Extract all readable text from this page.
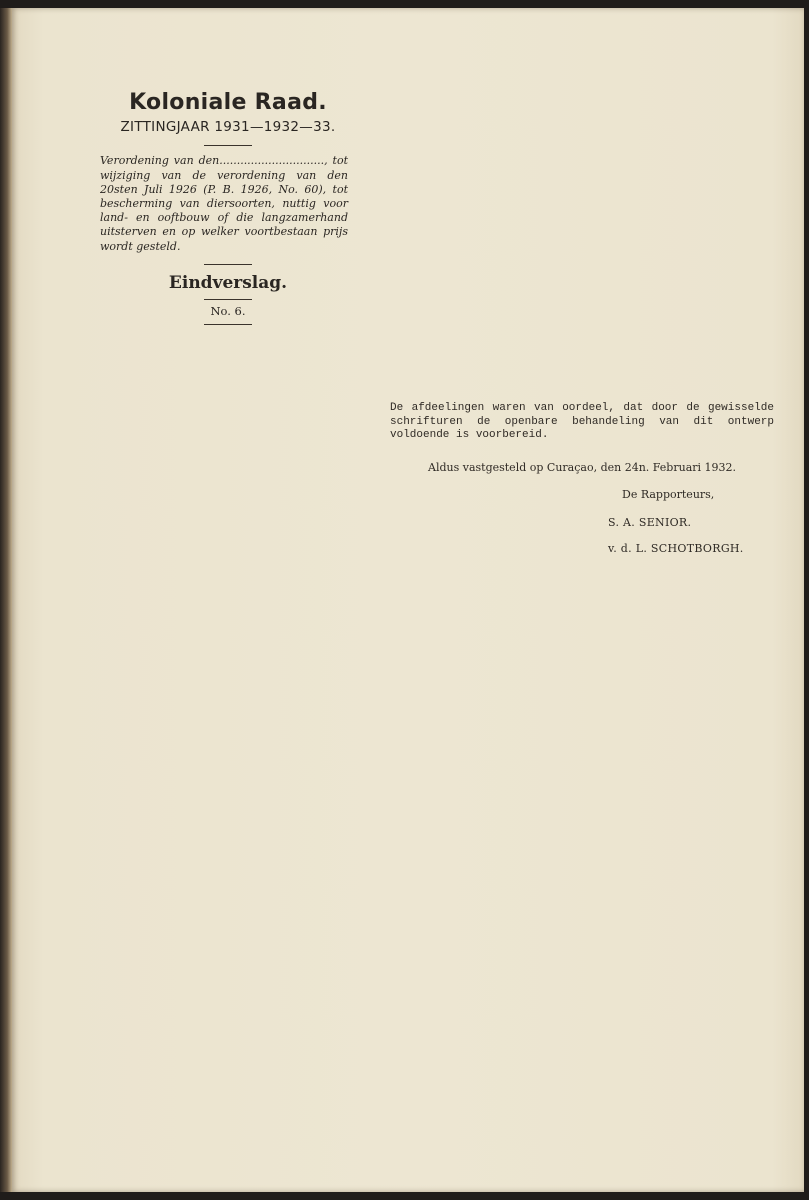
Koloniale Raad.

ZITTINGJAAR 1931—1932—33.

Verordening van den.............................., tot wijziging van de verordening van den 20sten Juli 1926 (P. B. 1926, No. 60), tot bescherming van diersoorten, nuttig voor land- en ooftbouw of die langzamerhand uitsterven en op welker voortbestaan prijs wordt gesteld.

Eindverslag.

No. 6.

De afdeelingen waren van oordeel, dat door de gewisselde schrifturen de openbare behandeling van dit ontwerp voldoende is voorbereid.

Aldus vastgesteld op Curaçao, den 24n. Februari 1932.

De Rapporteurs,

S. A. SENIOR.

v. d. L. SCHOTBORGH.
